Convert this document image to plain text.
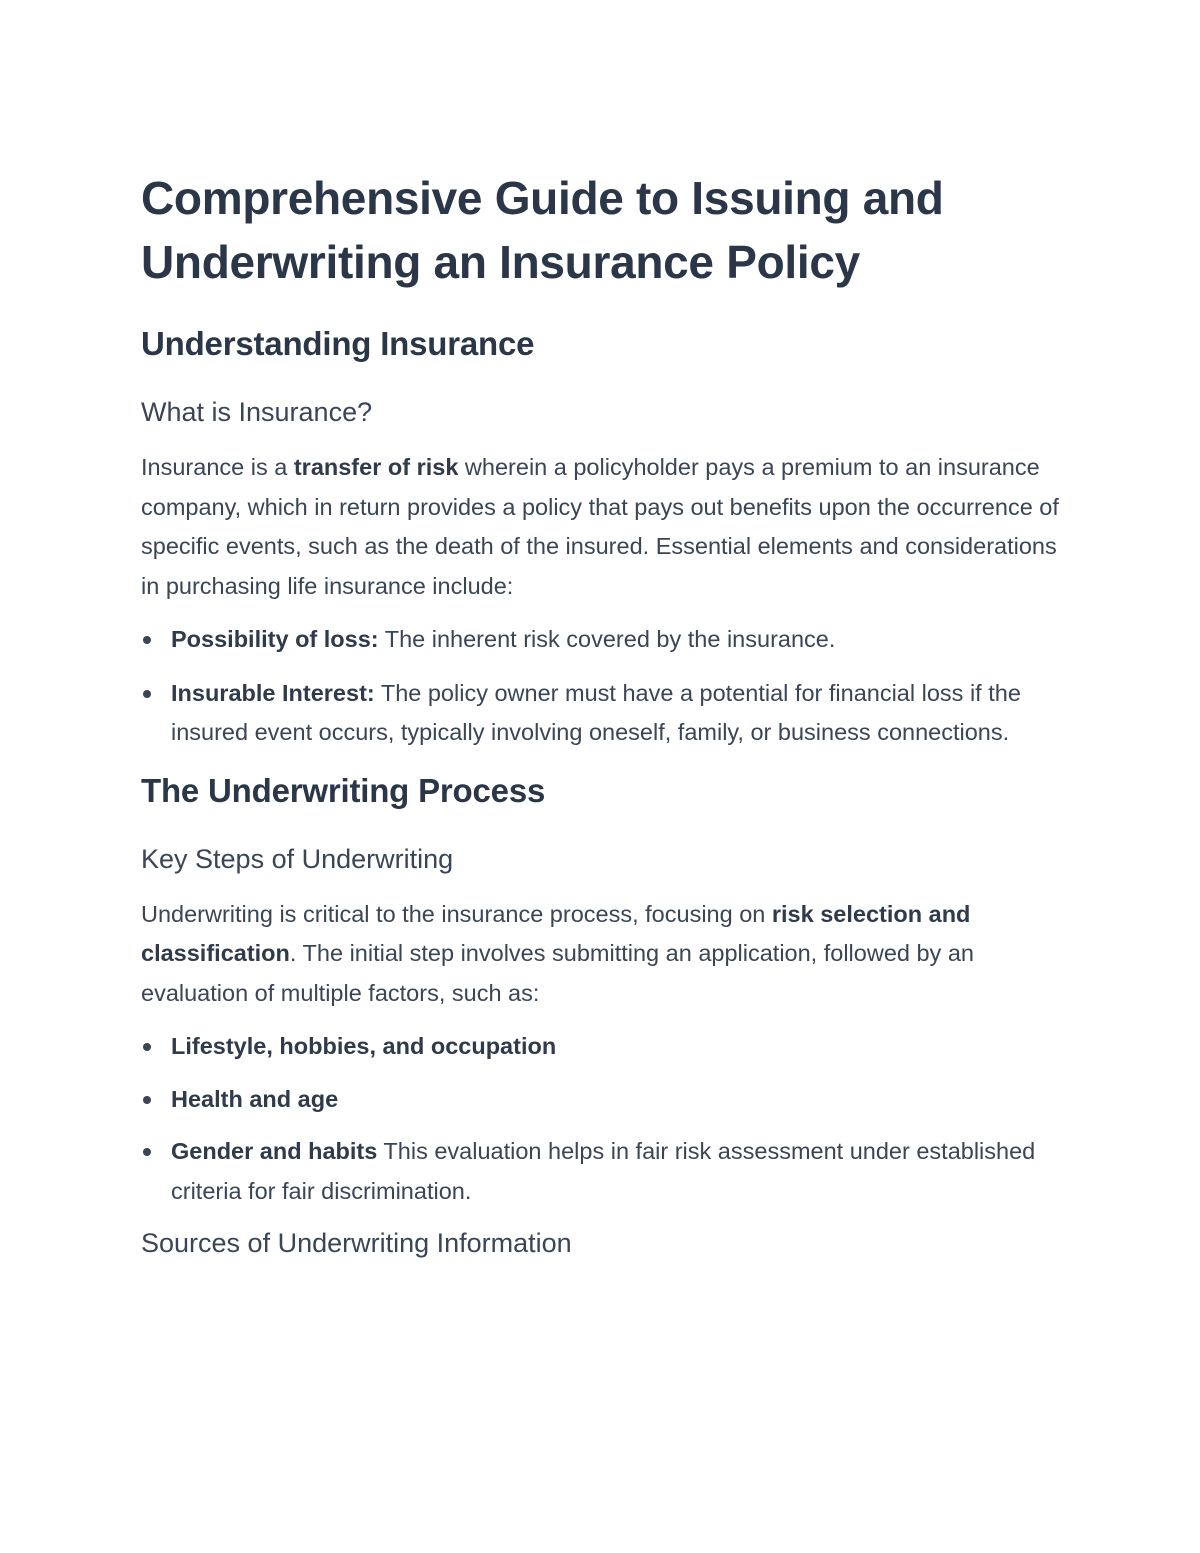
Comprehensive Guide to Issuing and Underwriting an Insurance Policy
Understanding Insurance
What is Insurance?

Insurance is a transfer of risk wherein a policyholder pays a premium to an insurance company, which in return provides a policy that pays out benefits upon the occurrence of specific events, such as the death of the insured. Essential elements and considerations in purchasing life insurance include:

Possibility of loss: The inherent risk covered by the insurance.
Insurable Interest: The policy owner must have a potential for financial loss if the insured event occurs, typically involving oneself, family, or business connections.
The Underwriting Process
Key Steps of Underwriting

Underwriting is critical to the insurance process, focusing on risk selection and classification. The initial step involves submitting an application, followed by an evaluation of multiple factors, such as:

Lifestyle, hobbies, and occupation
Health and age
Gender and habits This evaluation helps in fair risk assessment under established criteria for fair discrimination.
Sources of Underwriting Information
